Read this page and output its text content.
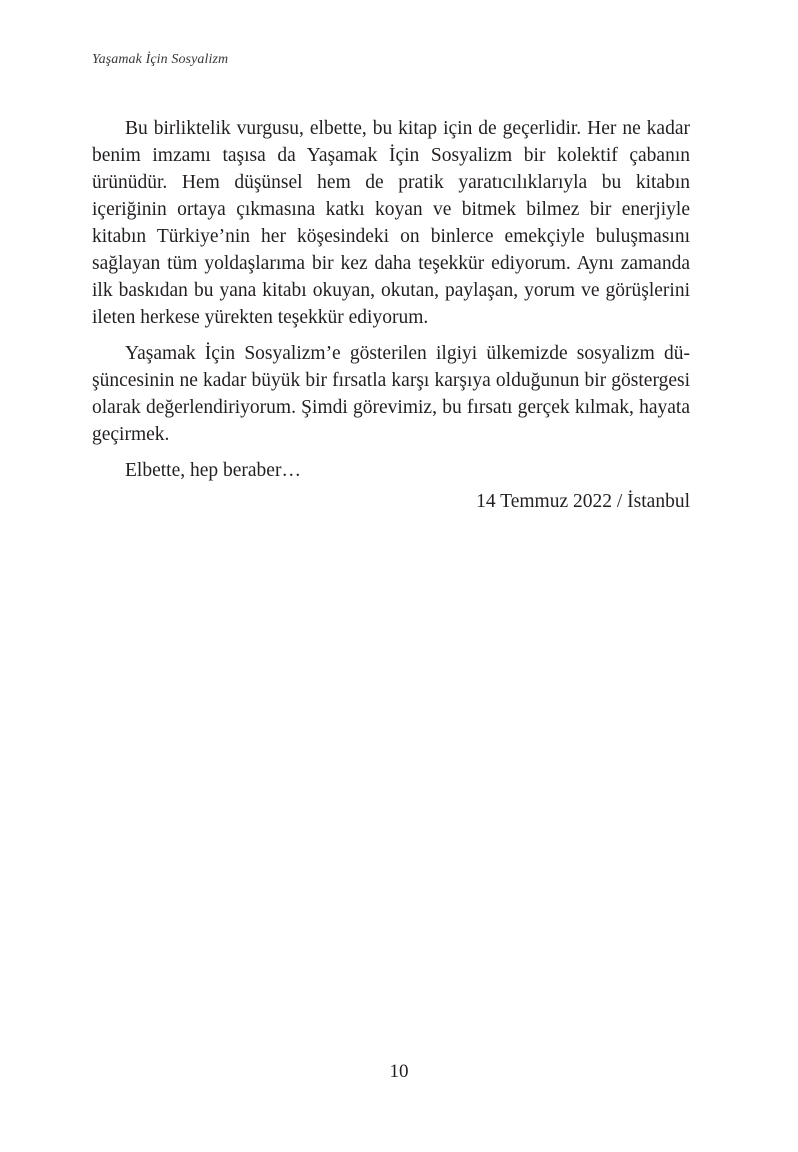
Yaşamak İçin Sosyalizm

Bu birliktelik vurgusu, elbette, bu kitap için de geçerlidir. Her ne kadar benim imzamı taşısa da Yaşamak İçin Sosyalizm bir kolektif çabanın ürünüdür. Hem düşünsel hem de pratik yaratıcılıklarıyla bu kitabın içeriğinin ortaya çıkmasına katkı koyan ve bitmek bilmez bir enerjiyle kitabın Türkiye’nin her köşesindeki on binlerce emekçiyle buluşmasını sağlayan tüm yoldaşlarıma bir kez daha teşekkür ediyorum. Aynı zamanda ilk baskıdan bu yana kitabı okuyan, okutan, paylaşan, yorum ve görüşlerini ileten herkese yürekten teşekkür ediyorum.

Yaşamak İçin Sosyalizm’e gösterilen ilgiyi ülkemizde sosyalizm düşüncesinin ne kadar büyük bir fırsatla karşı karşıya olduğunun bir göstergesi olarak değerlendiriyorum. Şimdi görevimiz, bu fırsatı gerçek kılmak, hayata geçirmek.

Elbette, hep beraber…

14 Temmuz 2022 / İstanbul

10
